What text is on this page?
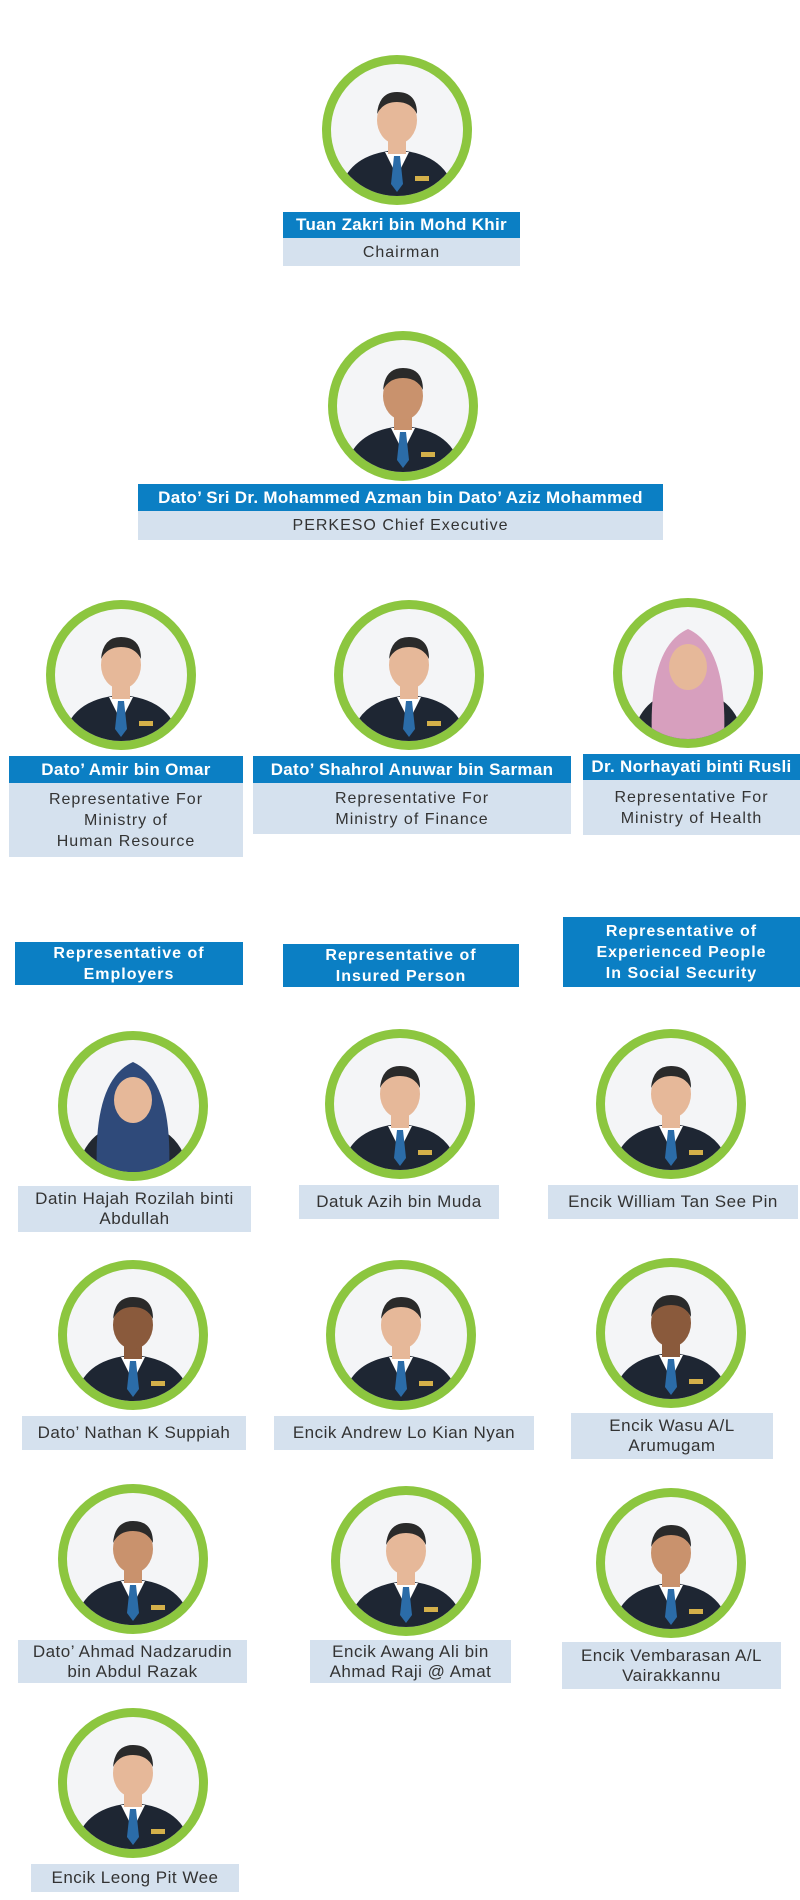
Tuan Zakri bin Mohd Khir
Chairman
Dato’ Sri Dr. Mohammed Azman bin Dato’ Aziz Mohammed
PERKESO Chief Executive
Dato’ Amir bin Omar
Representative For
Ministry of
Human Resource
Dato’ Shahrol Anuwar bin Sarman
Representative For
Ministry of Finance
Dr. Norhayati binti Rusli
Representative For
Ministry of Health
Representative of
Employers
Representative of
Insured Person
Representative of
Experienced People
In Social Security
Datin Hajah Rozilah binti
Abdullah
Datuk Azih bin Muda	Encik William Tan See Pin
Dato’ Nathan K Suppiah	Encik Andrew Lo Kian Nyan	Encik Wasu A/L
Arumugam
Dato’ Ahmad Nadzarudin
bin Abdul Razak
Encik Awang Ali bin
Ahmad Raji @ Amat
Encik Vembarasan A/L
Vairakkannu
Encik Leong Pit Wee
